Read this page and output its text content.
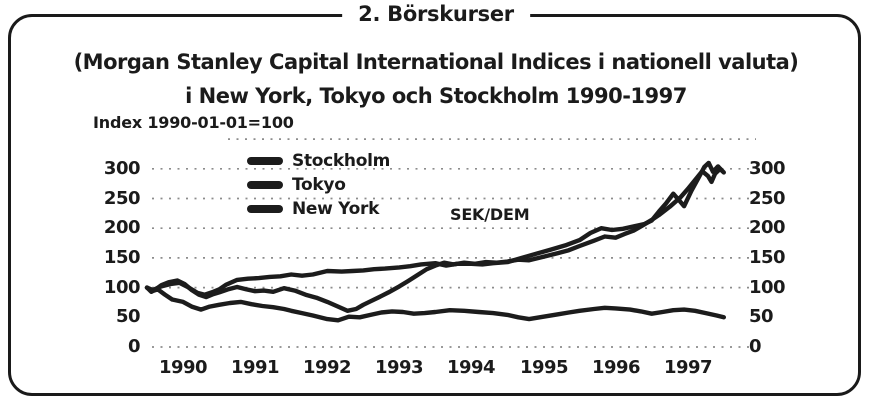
2. Börskurser
(Morgan Stanley Capital International Indices i nationell valuta)
i New York, Tokyo och Stockholm 1990-1997
Index 1990-01-01=100
SEK/DEM
Stockholm
Tokyo
New York
300
250
200
150
100
50
0
300
250
200
150
100
50
0
1990	1991	1992	1993	1994	1995	1996	1997
